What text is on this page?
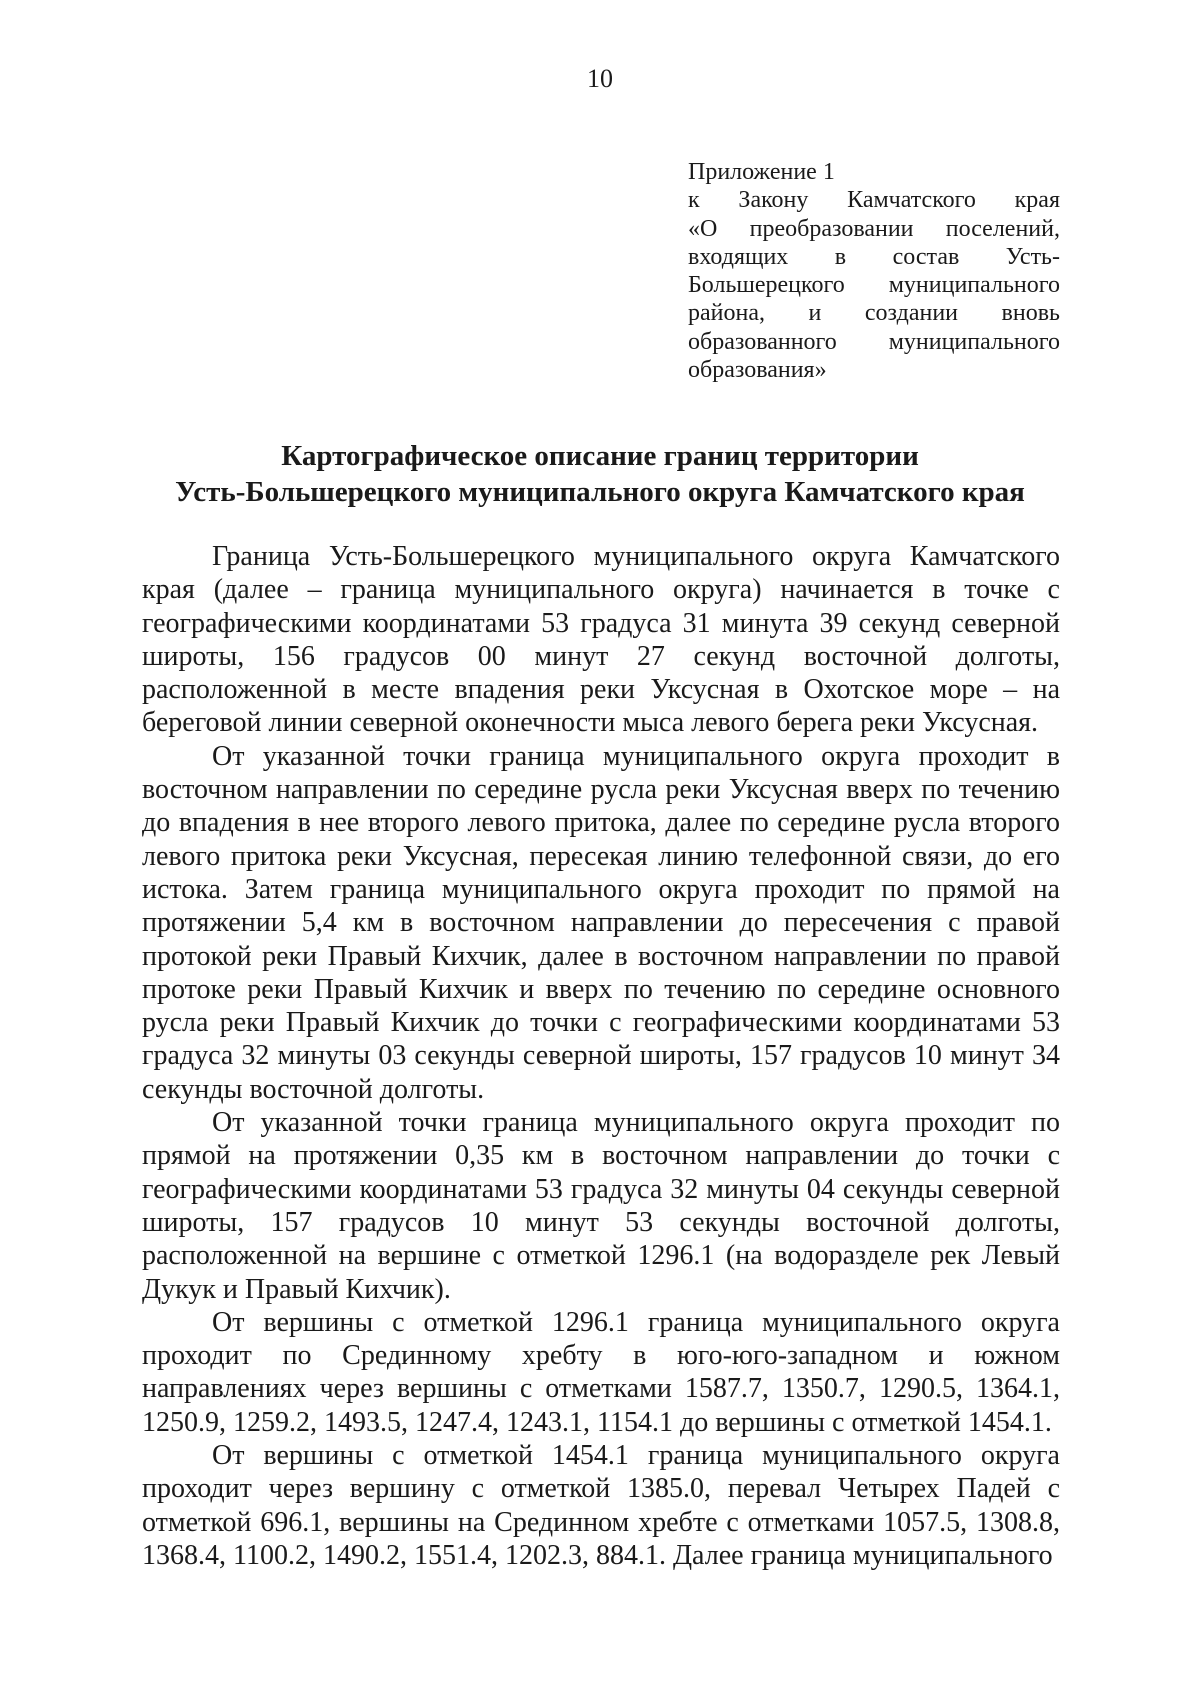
10
Приложение 1
к Закону Камчатского края
«О преобразовании поселений,
входящих в состав Усть-
Большерецкого муниципального
района, и создании вновь
образованного муниципального
образования»
Картографическое описание границ территории
Усть-Большерецкого муниципального округа Камчатского края

Граница Усть-Большерецкого муниципального округа Камчатского края (далее – граница муниципального округа) начинается в точке с географическими координатами 53 градуса 31 минута 39 секунд северной широты, 156 градусов 00 минут 27 секунд восточной долготы, расположенной в месте впадения реки Уксусная в Охотское море – на береговой линии северной оконечности мыса левого берега реки Уксусная.

От указанной точки граница муниципального округа проходит в восточном направлении по середине русла реки Уксусная вверх по течению до впадения в нее второго левого притока, далее по середине русла второго левого притока реки Уксусная, пересекая линию телефонной связи, до его истока. Затем граница муниципального округа проходит по прямой на протяжении 5,4 км в восточном направлении до пересечения с правой протокой реки Правый Кихчик, далее в восточном направлении по правой протоке реки Правый Кихчик и вверх по течению по середине основного русла реки Правый Кихчик до точки с географическими координатами 53 градуса 32 минуты 03 секунды северной широты, 157 градусов 10 минут 34 секунды восточной долготы.

От указанной точки граница муниципального округа проходит по прямой на протяжении 0,35 км в восточном направлении до точки с географическими координатами 53 градуса 32 минуты 04 секунды северной широты, 157 градусов 10 минут 53 секунды восточной долготы, расположенной на вершине с отметкой 1296.1 (на водоразделе рек Левый Дукук и Правый Кихчик).

От вершины с отметкой 1296.1 граница муниципального округа проходит по Срединному хребту в юго-юго-западном и южном направлениях через вершины с отметками 1587.7, 1350.7, 1290.5, 1364.1, 1250.9, 1259.2, 1493.5, 1247.4, 1243.1, 1154.1 до вершины с отметкой 1454.1.

От вершины с отметкой 1454.1 граница муниципального округа проходит через вершину с отметкой 1385.0, перевал Четырех Падей с отметкой 696.1, вершины на Срединном хребте с отметками 1057.5, 1308.8, 1368.4, 1100.2, 1490.2, 1551.4, 1202.3, 884.1. Далее граница муниципального
